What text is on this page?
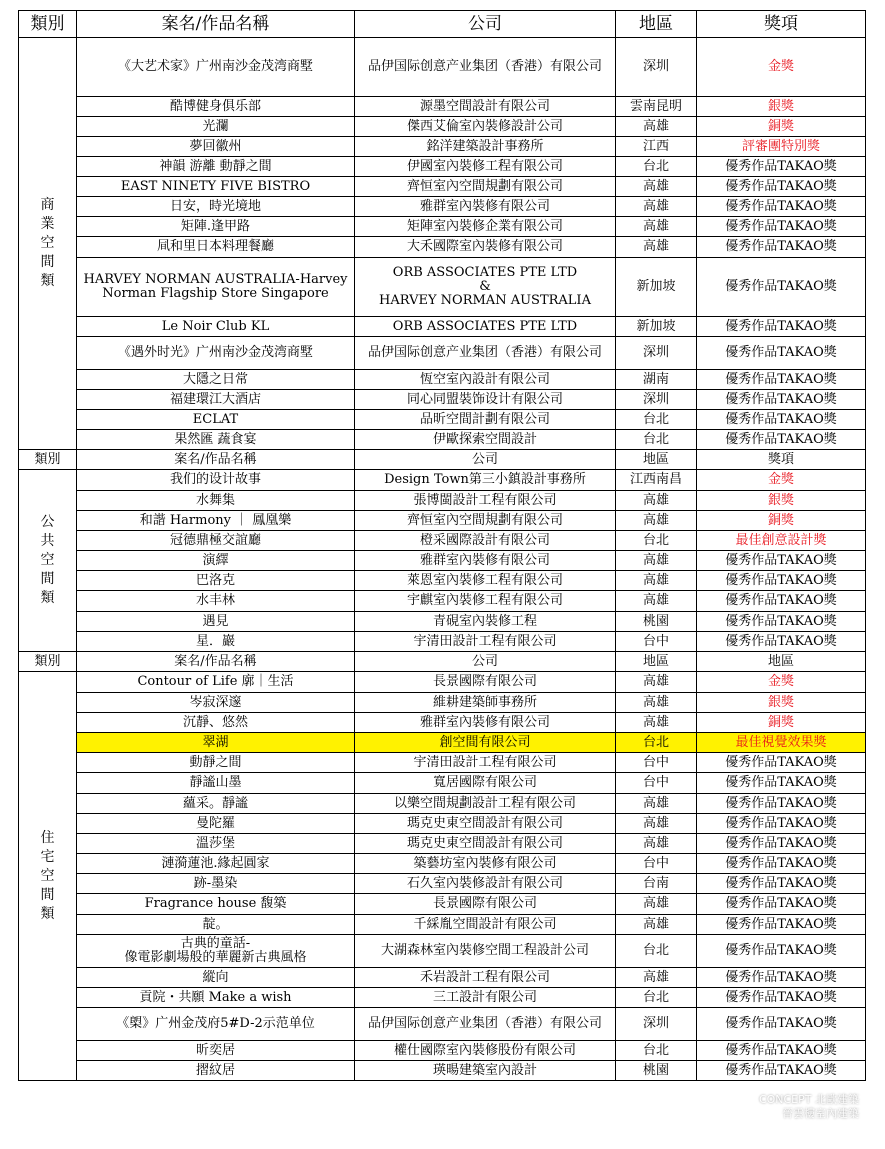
類別	案名/作品名稱	公司	地區	獎項
商業空間類	《大艺术家》广州南沙金茂湾商墅	品伊国际创意产业集团（香港）有限公司	深圳	金獎
	酷博健身俱乐部	源墨空間設計有限公司	雲南昆明	銀獎
	光瀾	傑西艾倫室內裝修設計公司	高雄	銅獎
	夢回徽州	銘洋建築設計事務所	江西	評審團特別獎
	神韻 游離 動靜之間	伊國室內裝修工程有限公司	台北	優秀作品TAKAO獎
	EAST NINETY FIVE BISTRO	齊恒室內空間規劃有限公司	高雄	優秀作品TAKAO獎
	日安，時光境地	雅群室內裝修有限公司	高雄	優秀作品TAKAO獎
	矩陣.逢甲路	矩陣室內裝修企業有限公司	高雄	優秀作品TAKAO獎
	凬和里日本料理餐廳	大禾國際室內裝修有限公司	高雄	優秀作品TAKAO獎
	HARVEY NORMAN AUSTRALIA-Harvey Norman Flagship Store Singapore	ORB ASSOCIATES PTE LTD
&
HARVEY NORMAN AUSTRALIA	新加坡	優秀作品TAKAO獎
	Le Noir Club KL	ORB ASSOCIATES PTE LTD	新加坡	優秀作品TAKAO獎
	《遇外时光》广州南沙金茂湾商墅	品伊国际创意产业集团（香港）有限公司	深圳	優秀作品TAKAO獎
	大隱之日常	恆空室內設計有限公司	湖南	優秀作品TAKAO獎
	福建環江大酒店	同心同盟裝饰设计有限公司	深圳	優秀作品TAKAO獎
	ECLAT	品昕空間計劃有限公司	台北	優秀作品TAKAO獎
	果然匯 蔬食宴	伊歐探索空間設計	台北	優秀作品TAKAO獎
類別	案名/作品名稱	公司	地區	獎項
公共空間類	我们的设计故事	Design Town第三小鎮設計事務所	江西南昌	金獎
	水舞集	張博閩設計工程有限公司	高雄	銀獎
	和諧 Harmony ｜ 鳳凰樂	齊恒室內空間規劃有限公司	高雄	銅獎
	冠德鼎極交誼廳	橙采國際設計有限公司	台北	最佳創意設計獎
	演繹	雅群室內裝修有限公司	高雄	優秀作品TAKAO獎
	巴洛克	萊恩室內裝修工程有限公司	高雄	優秀作品TAKAO獎
	水丰林	宇麒室內裝修工程有限公司	高雄	優秀作品TAKAO獎
	遇見	青硯室內裝修工程	桃園	優秀作品TAKAO獎
	星．巖	宇清田設計工程有限公司	台中	優秀作品TAKAO獎
類別	案名/作品名稱	公司	地區	地區
住宅空間類	Contour of Life 廓｜生活	長景國際有限公司	高雄	金獎
	岑寂深邃	維耕建築師事務所	高雄	銀獎
	沉靜、悠然	雅群室內裝修有限公司	高雄	銅獎
	翠湖	創空間有限公司	台北	最佳視覺效果獎
	動靜之間	宇清田設計工程有限公司	台中	優秀作品TAKAO獎
	靜謐山墨	寬居國際有限公司	台中	優秀作品TAKAO獎
	蘊采。靜謐	以樂空間規劃設計工程有限公司	高雄	優秀作品TAKAO獎
	曼陀羅	瑪克史東空間設計有限公司	高雄	優秀作品TAKAO獎
	溫莎堡	瑪克史東空間設計有限公司	高雄	優秀作品TAKAO獎
	漣漪蓮池.緣起圓家	築藝坊室內裝修有限公司	台中	優秀作品TAKAO獎
	跡-墨染	石久室內裝修設計有限公司	台南	優秀作品TAKAO獎
	Fragrance house 馥築	長景國際有限公司	高雄	優秀作品TAKAO獎
	靛。	千綵胤空間設計有限公司	高雄	優秀作品TAKAO獎
	古典的童話-
像電影劇場般的華麗新古典風格	大湖森林室內裝修空間工程設計公司	台北	優秀作品TAKAO獎
	縱向	禾岩設計工程有限公司	高雄	優秀作品TAKAO獎
	貢院・共願 Make a wish	三工設計有限公司	台北	優秀作品TAKAO獎
	《㮾》广州金茂府5#D-2示范单位	品伊国际创意产业集团（香港）有限公司	深圳	優秀作品TAKAO獎
	昕奕居	權仕國際室內裝修股份有限公司	台北	優秀作品TAKAO獎
	摺紋居	瑛暘建築室內設計	桃園	優秀作品TAKAO獎
CONCEPT 北歐建築
晉雲樓室內建築
